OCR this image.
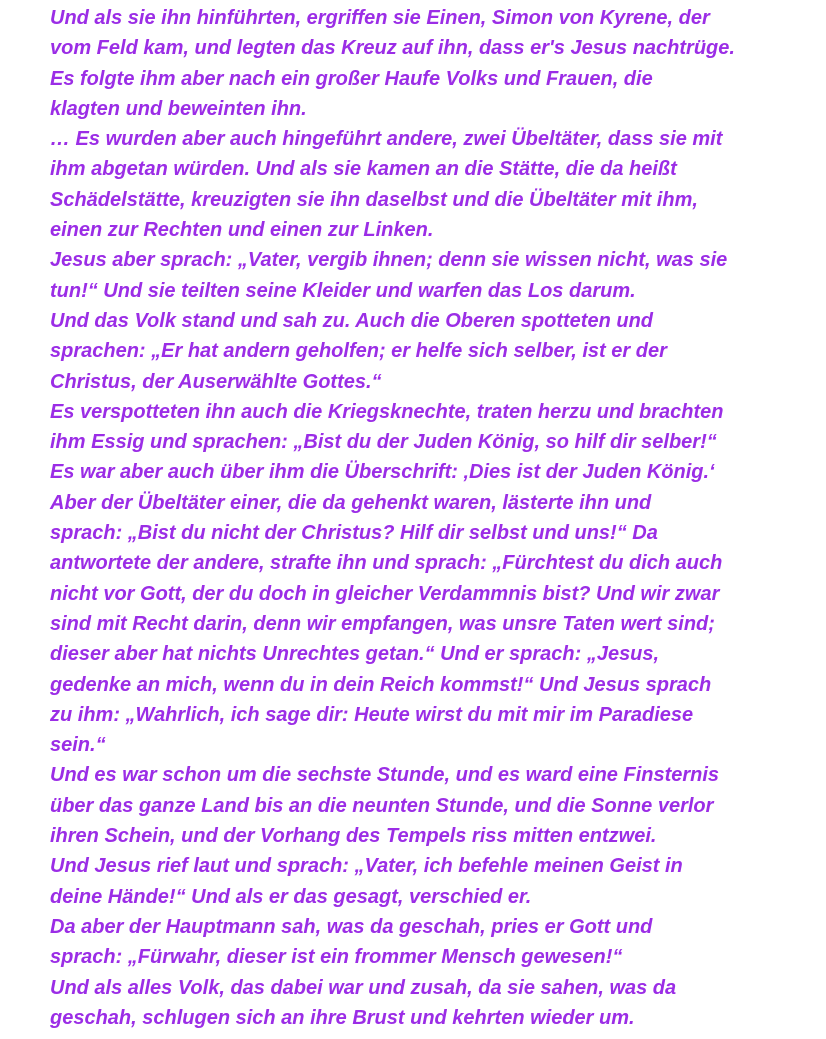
Und als sie ihn hinführten, ergriffen sie Einen, Simon von Kyrene, der
vom Feld kam, und legten das Kreuz auf ihn, dass er's Jesus nachtrüge.
Es folgte ihm aber nach ein großer Haufe Volks und Frauen, die
klagten und beweinten ihn.
… Es wurden aber auch hingeführt andere, zwei Übeltäter, dass sie mit
ihm abgetan würden. Und als sie kamen an die Stätte, die da heißt
Schädelstätte, kreuzigten sie ihn daselbst und die Übeltäter mit ihm,
einen zur Rechten und einen zur Linken.
Jesus aber sprach: „Vater, vergib ihnen; denn sie wissen nicht, was sie
tun!“ Und sie teilten seine Kleider und warfen das Los darum.
Und das Volk stand und sah zu. Auch die Oberen spotteten und
sprachen: „Er hat andern geholfen; er helfe sich selber, ist er der
Christus, der Auserwählte Gottes.“
Es verspotteten ihn auch die Kriegsknechte, traten herzu und brachten
ihm Essig und sprachen: „Bist du der Juden König, so hilf dir selber!“
Es war aber auch über ihm die Überschrift: ‚Dies ist der Juden König.‘
Aber der Übeltäter einer, die da gehenkt waren, lästerte ihn und
sprach: „Bist du nicht der Christus? Hilf dir selbst und uns!“ Da
antwortete der andere, strafte ihn und sprach: „Fürchtest du dich auch
nicht vor Gott, der du doch in gleicher Verdammnis bist? Und wir zwar
sind mit Recht darin, denn wir empfangen, was unsre Taten wert sind;
dieser aber hat nichts Unrechtes getan.“ Und er sprach: „Jesus,
gedenke an mich, wenn du in dein Reich kommst!“ Und Jesus sprach
zu ihm: „Wahrlich, ich sage dir: Heute wirst du mit mir im Paradiese
sein.“
Und es war schon um die sechste Stunde, und es ward eine Finsternis
über das ganze Land bis an die neunten Stunde, und die Sonne verlor
ihren Schein, und der Vorhang des Tempels riss mitten entzwei.
Und Jesus rief laut und sprach: „Vater, ich befehle meinen Geist in
deine Hände!“ Und als er das gesagt, verschied er.
Da aber der Hauptmann sah, was da geschah, pries er Gott und
sprach: „Fürwahr, dieser ist ein frommer Mensch gewesen!“
Und als alles Volk, das dabei war und zusah, da sie sahen, was da
geschah, schlugen sich an ihre Brust und kehrten wieder um.
